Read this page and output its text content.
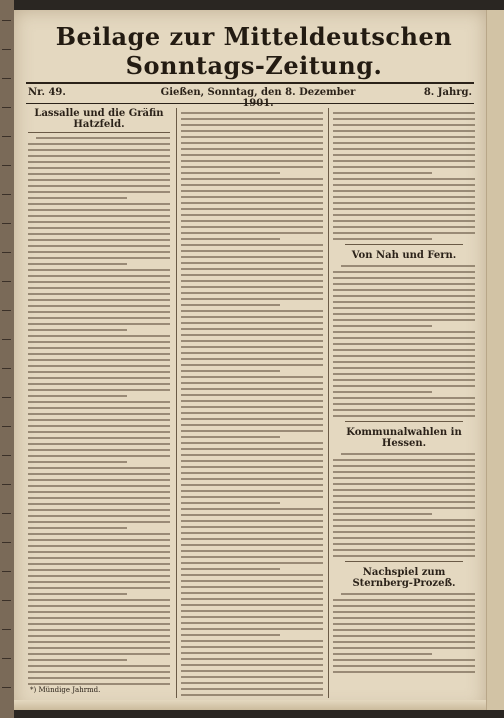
Beilage zur Mitteldeutschen Sonntags-Zeitung.
Nr. 49.	Gießen, Sonntag, den 8. Dezember	8. Jahrg.
Lassalle und die Gräfin Hatzfeld.
Von Nah und Fern.
Kommunalwahlen in Hessen.
Nachspiel zum Sternberg-Prozeß.
*) Mündige Jahrmd.
